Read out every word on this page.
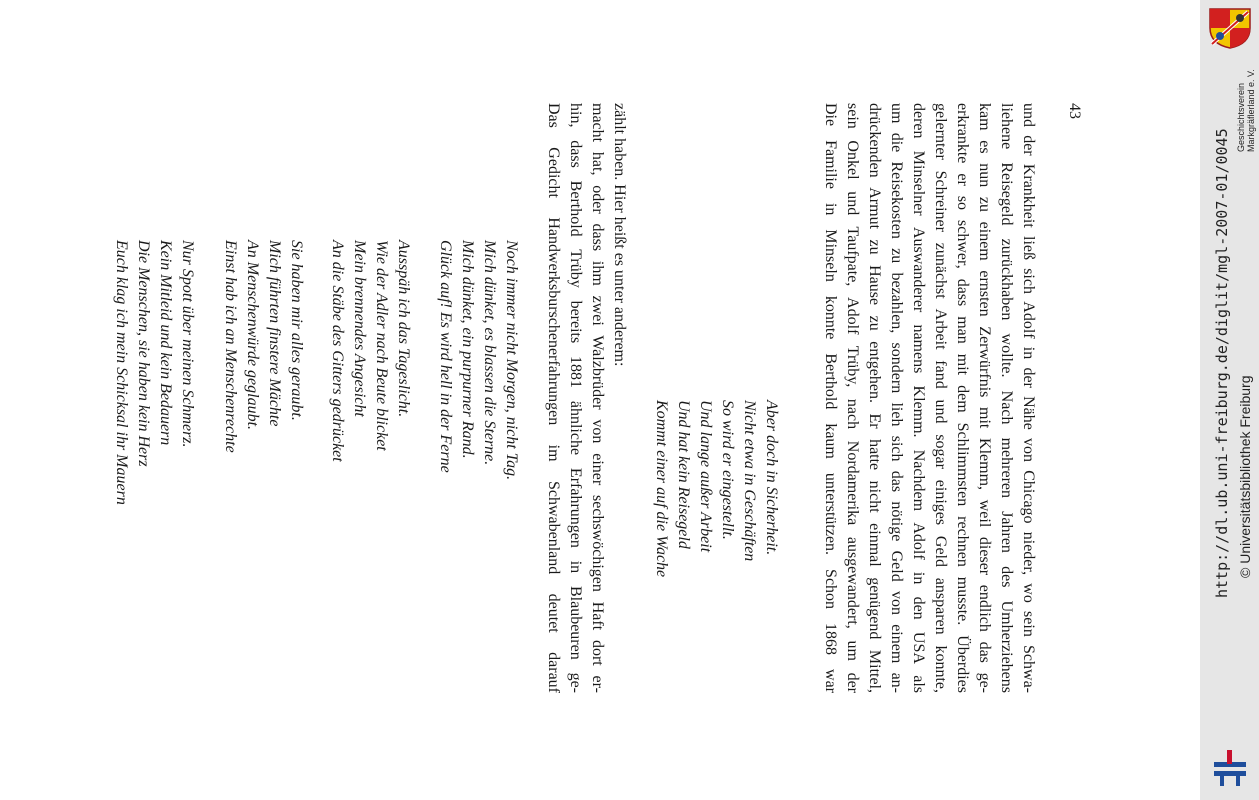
43
Euch klag ich mein Schicksal ihr Mauern Die Menschen, sie haben kein Herz Kein Mitleid und kein Bedauern Nur Spott über meinen Schmerz. Einst hab ich an Menschenrechte An Menschenwürde geglaubt. Mich führten finstere Mächte Sie haben mir alles geraubt. An die Stäbe des Gitters gedrücket Mein brennendes Angesicht Wie der Adler nach Beute blicket Ausspäh ich das Tageslicht. Glück auf! Es wird hell in der Ferne Mich dünket, ein purpurner Rand. Mich dünket, es blassen die Sterne. Noch immer nicht Morgen, nicht Tag. Das Gedicht Handwerksburschenerfahrungen im Schwabenland deutet darauf hin, dass Berthold Trüby bereits 1881 ähnliche Erfahrungen in Blaubeuren ge- macht hat, oder dass ihm zwei Walzbrüder von einer sechswöchigen Haft dort er- zählt haben. Hier heißt es unter anderem:
Kommt einer auf die Wache Und hat kein Reisegeld Und lange außer Arbeit So wird er eingestellt. Nicht etwa in Geschäften Aber doch in Sicherheit.	Die Familie in Minseln konnte Berthold kaum unterstützen. Schon 1868 war sein Onkel und Taufpate, Adolf Trüby, nach Nordamerika ausgewandert, um der drückenden Armut zu Hause zu entgehen. Er hatte nicht einmal genügend Mittel, um die Reisekosten zu bezahlen, sondern lieh sich das nötige Geld von einem an- deren Minselner Auswanderer namens Klemm. Nachdem Adolf in den USA als gelernter Schreiner zunächst Arbeit fand und sogar einiges Geld ansparen konnte, erkrankte er so schwer, dass man mit dem Schlimmsten rechnen musste. Überdies kam es nun zu einem ernsten Zerwürfnis mit Klemm, weil dieser endlich das ge- liehene Reisegeld zurückhaben wollte. Nach mehreren Jahren des Umherziehens und der Krankheit ließ sich Adolf in der Nähe von Chicago nieder, wo sein Schwa-	Geschichtsverein Markgräflerland e. V.
http://dl.ub.uni-freiburg.de/diglit/mgl-2007-01/0045 © Universitätsbibliothek Freiburg
